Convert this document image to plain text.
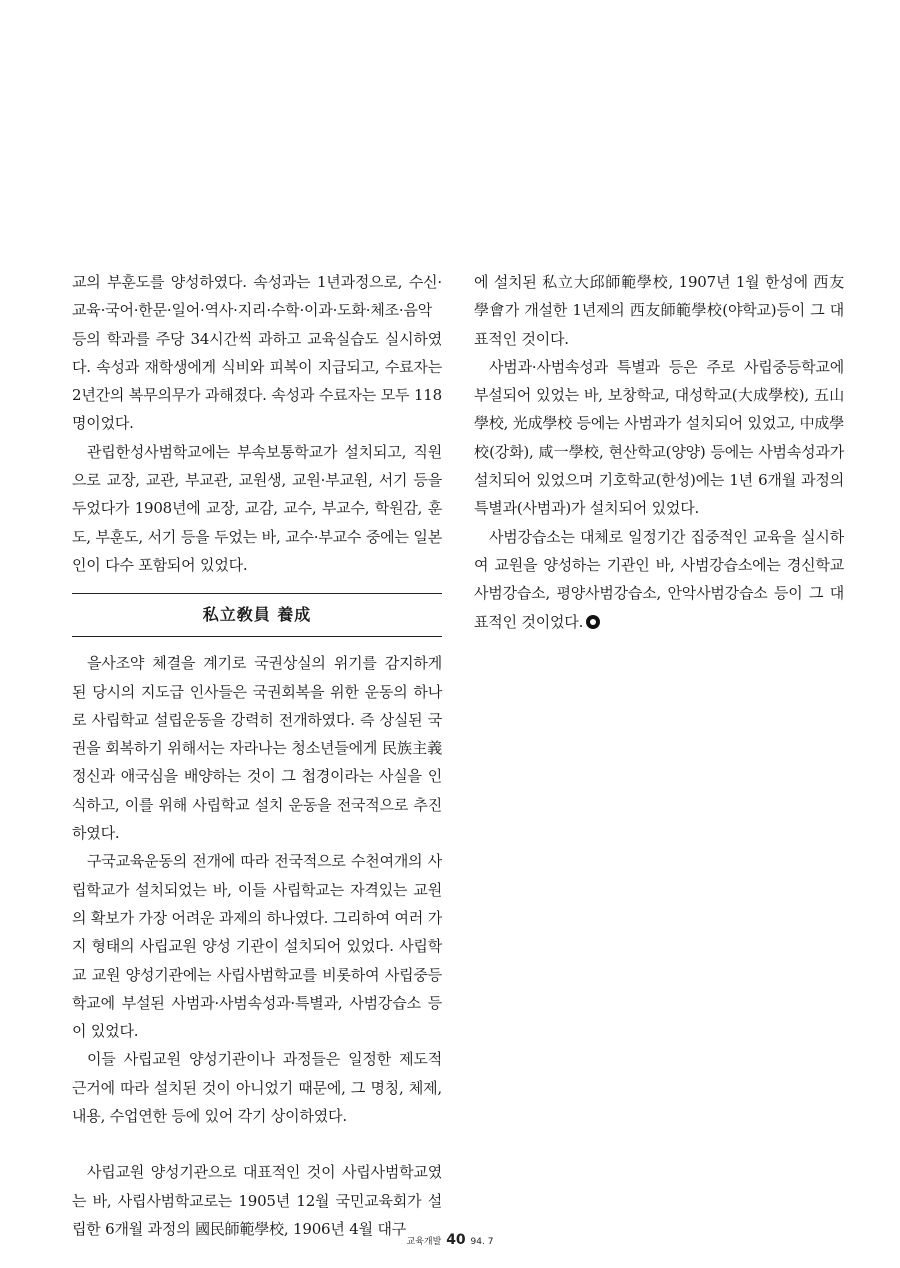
교의 부훈도를 양성하였다. 속성과는 1년과정으로, 수신·교육·국어·한문·일어·역사·지리·수학·이과·도화·체조·음악 등의 학과를 주당 34시간씩 과하고 교육실습도 실시하였다. 속성과 재학생에게 식비와 피복이 지급되고, 수료자는 2년간의 복무의무가 과해졌다. 속성과 수료자는 모두 118명이었다.

관립한성사범학교에는 부속보통학교가 설치되고, 직원으로 교장, 교관, 부교관, 교원생, 교원·부교원, 서기 등을 두었다가 1908년에 교장, 교감, 교수, 부교수, 학원감, 훈도, 부훈도, 서기 등을 두었는 바, 교수·부교수 중에는 일본인이 다수 포함되어 있었다.

私立敎員 養成

을사조약 체결을 계기로 국권상실의 위기를 감지하게 된 당시의 지도급 인사들은 국권회복을 위한 운동의 하나로 사립학교 설립운동을 강력히 전개하였다. 즉 상실된 국권을 회복하기 위해서는 자라나는 청소년들에게 民族主義 정신과 애국심을 배양하는 것이 그 첩경이라는 사실을 인식하고, 이를 위해 사립학교 설치 운동을 전국적으로 추진하였다.

구국교육운동의 전개에 따라 전국적으로 수천여개의 사립학교가 설치되었는 바, 이들 사립학교는 자격있는 교원의 확보가 가장 어려운 과제의 하나였다. 그리하여 여러 가지 형태의 사립교원 양성 기관이 설치되어 있었다. 사립학교 교원 양성기관에는 사립사범학교를 비롯하여 사립중등학교에 부설된 사범과·사범속성과·특별과, 사범강습소 등이 있었다.

이들 사립교원 양성기관이나 과정들은 일정한 제도적 근거에 따라 설치된 것이 아니었기 때문에, 그 명칭, 체제, 내용, 수업연한 등에 있어 각기 상이하였다.

사립교원 양성기관으로 대표적인 것이 사립사범학교였는 바, 사립사범학교로는 1905년 12월 국민교육회가 설립한 6개월 과정의 國民師範學校, 1906년 4월 대구

에 설치된 私立大邱師範學校, 1907년 1월 한성에 西友學會가 개설한 1년제의 西友師範學校(야학교)등이 그 대표적인 것이다.

사범과·사범속성과 특별과 등은 주로 사립중등학교에 부설되어 있었는 바, 보창학교, 대성학교(大成學校), 五山學校, 光成學校 등에는 사범과가 설치되어 있었고, 中成學校(강화), 咸一學校, 현산학교(양양) 등에는 사범속성과가 설치되어 있었으며 기호학교(한성)에는 1년 6개월 과정의 특별과(사범과)가 설치되어 있었다.

사범강습소는 대체로 일정기간 집중적인 교육을 실시하여 교원을 양성하는 기관인 바, 사범강습소에는 경신학교 사범강습소, 평양사범강습소, 안악사범강습소 등이 그 대표적인 것이었다.

교육개발 40 94. 7
